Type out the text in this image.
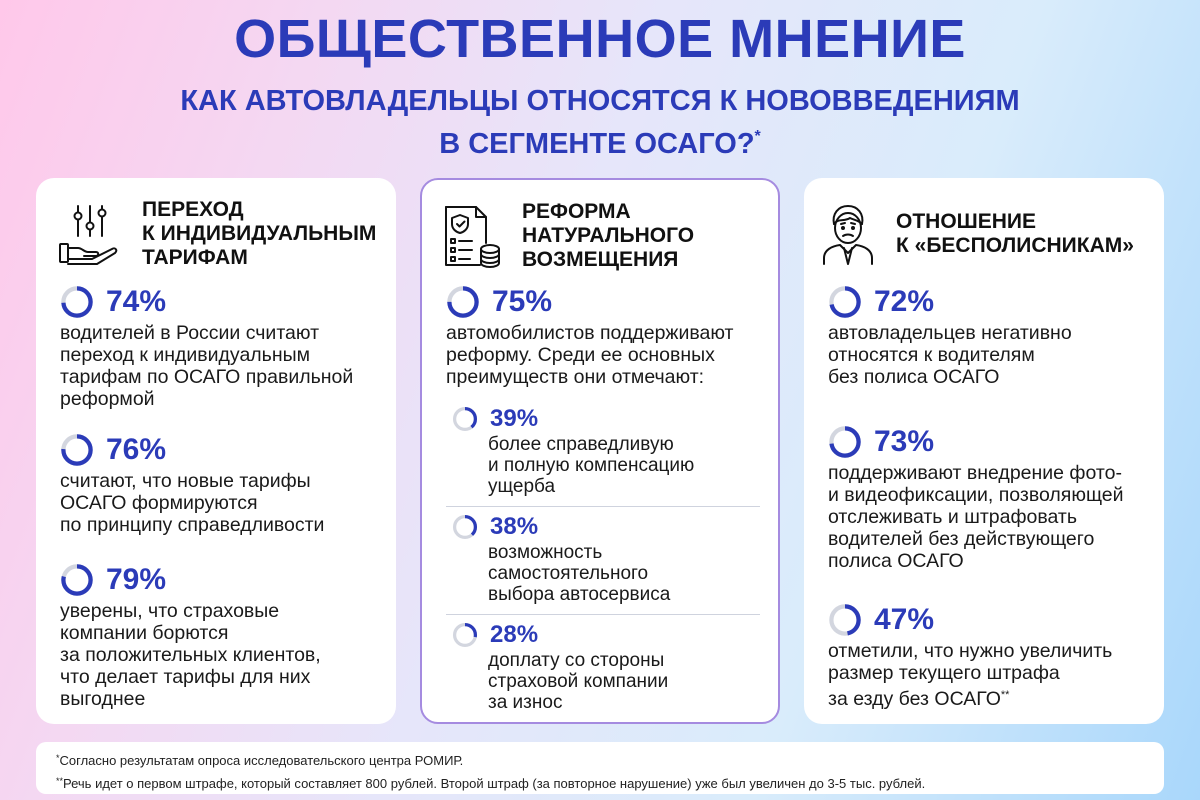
ОБЩЕСТВЕННОЕ МНЕНИЕ
КАК АВТОВЛАДЕЛЬЦЫ ОТНОСЯТСЯ К НОВОВВЕДЕНИЯМ
В СЕГМЕНТЕ ОСАГО?*
ПЕРЕХОД
К ИНДИВИДУАЛЬНЫМ
ТАРИФАМ
74%
водителей в России считают
переход к индивидуальным
тарифам по ОСАГО правильной
реформой
76%
считают, что новые тарифы
ОСАГО формируются
по принципу справедливости
79%
уверены, что страховые
компании борются
за положительных клиентов,
что делает тарифы для них
выгоднее
РЕФОРМА
НАТУРАЛЬНОГО
ВОЗМЕЩЕНИЯ
75%
автомобилистов поддерживают
реформу. Среди ее основных
преимуществ они отмечают:
39%
более справедливую
и полную компенсацию
ущерба
38%
возможность
самостоятельного
выбора автосервиса
28%
доплату со стороны
страховой компании
за износ
ОТНОШЕНИЕ
К «БЕСПОЛИСНИКАМ»
72%
автовладельцев негативно
относятся к водителям
без полиса ОСАГО
73%
поддерживают внедрение фото-
и видеофиксации, позволяющей
отслеживать и штрафовать
водителей без действующего
полиса ОСАГО
47%
отметили, что нужно увеличить
размер текущего штрафа
за езду без ОСАГО**
*Согласно результатам опроса исследовательского центра РОМИР.
**Речь идет о первом штрафе, который составляет 800 рублей. Второй штраф (за повторное нарушение) уже был увеличен до 3-5 тыс. рублей.
